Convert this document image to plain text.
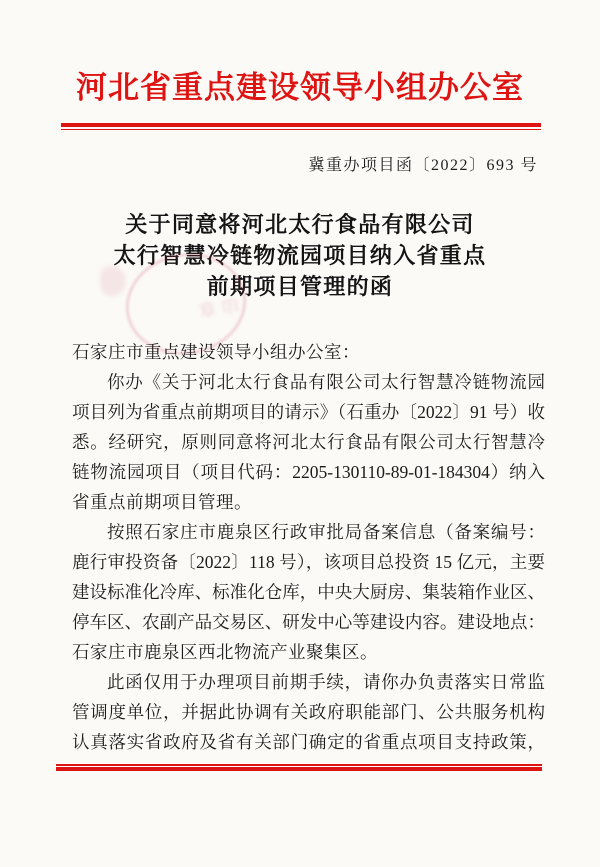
河北省重点建设领导小组办公室
冀重办项目函〔2022〕693 号
关于同意将河北太行食品有限公司
太行智慧冷链物流园项目纳入省重点
前期项目管理的函
印章
石家庄市重点建设领导小组办公室：
你办《关于河北太行食品有限公司太行智慧冷链物流园
项目列为省重点前期项目的请示》（石重办〔2022〕91 号）收
悉。经研究，原则同意将河北太行食品有限公司太行智慧冷
链物流园项目（项目代码：2205-130110-89-01-184304）纳入
省重点前期项目管理。
按照石家庄市鹿泉区行政审批局备案信息（备案编号：
鹿行审投资备〔2022〕118 号），该项目总投资 15 亿元，主要
建设标准化冷库、标准化仓库，中央大厨房、集装箱作业区、
停车区、农副产品交易区、研发中心等建设内容。建设地点：
石家庄市鹿泉区西北物流产业聚集区。
此函仅用于办理项目前期手续，请你办负责落实日常监
管调度单位，并据此协调有关政府职能部门、公共服务机构
认真落实省政府及省有关部门确定的省重点项目支持政策，
